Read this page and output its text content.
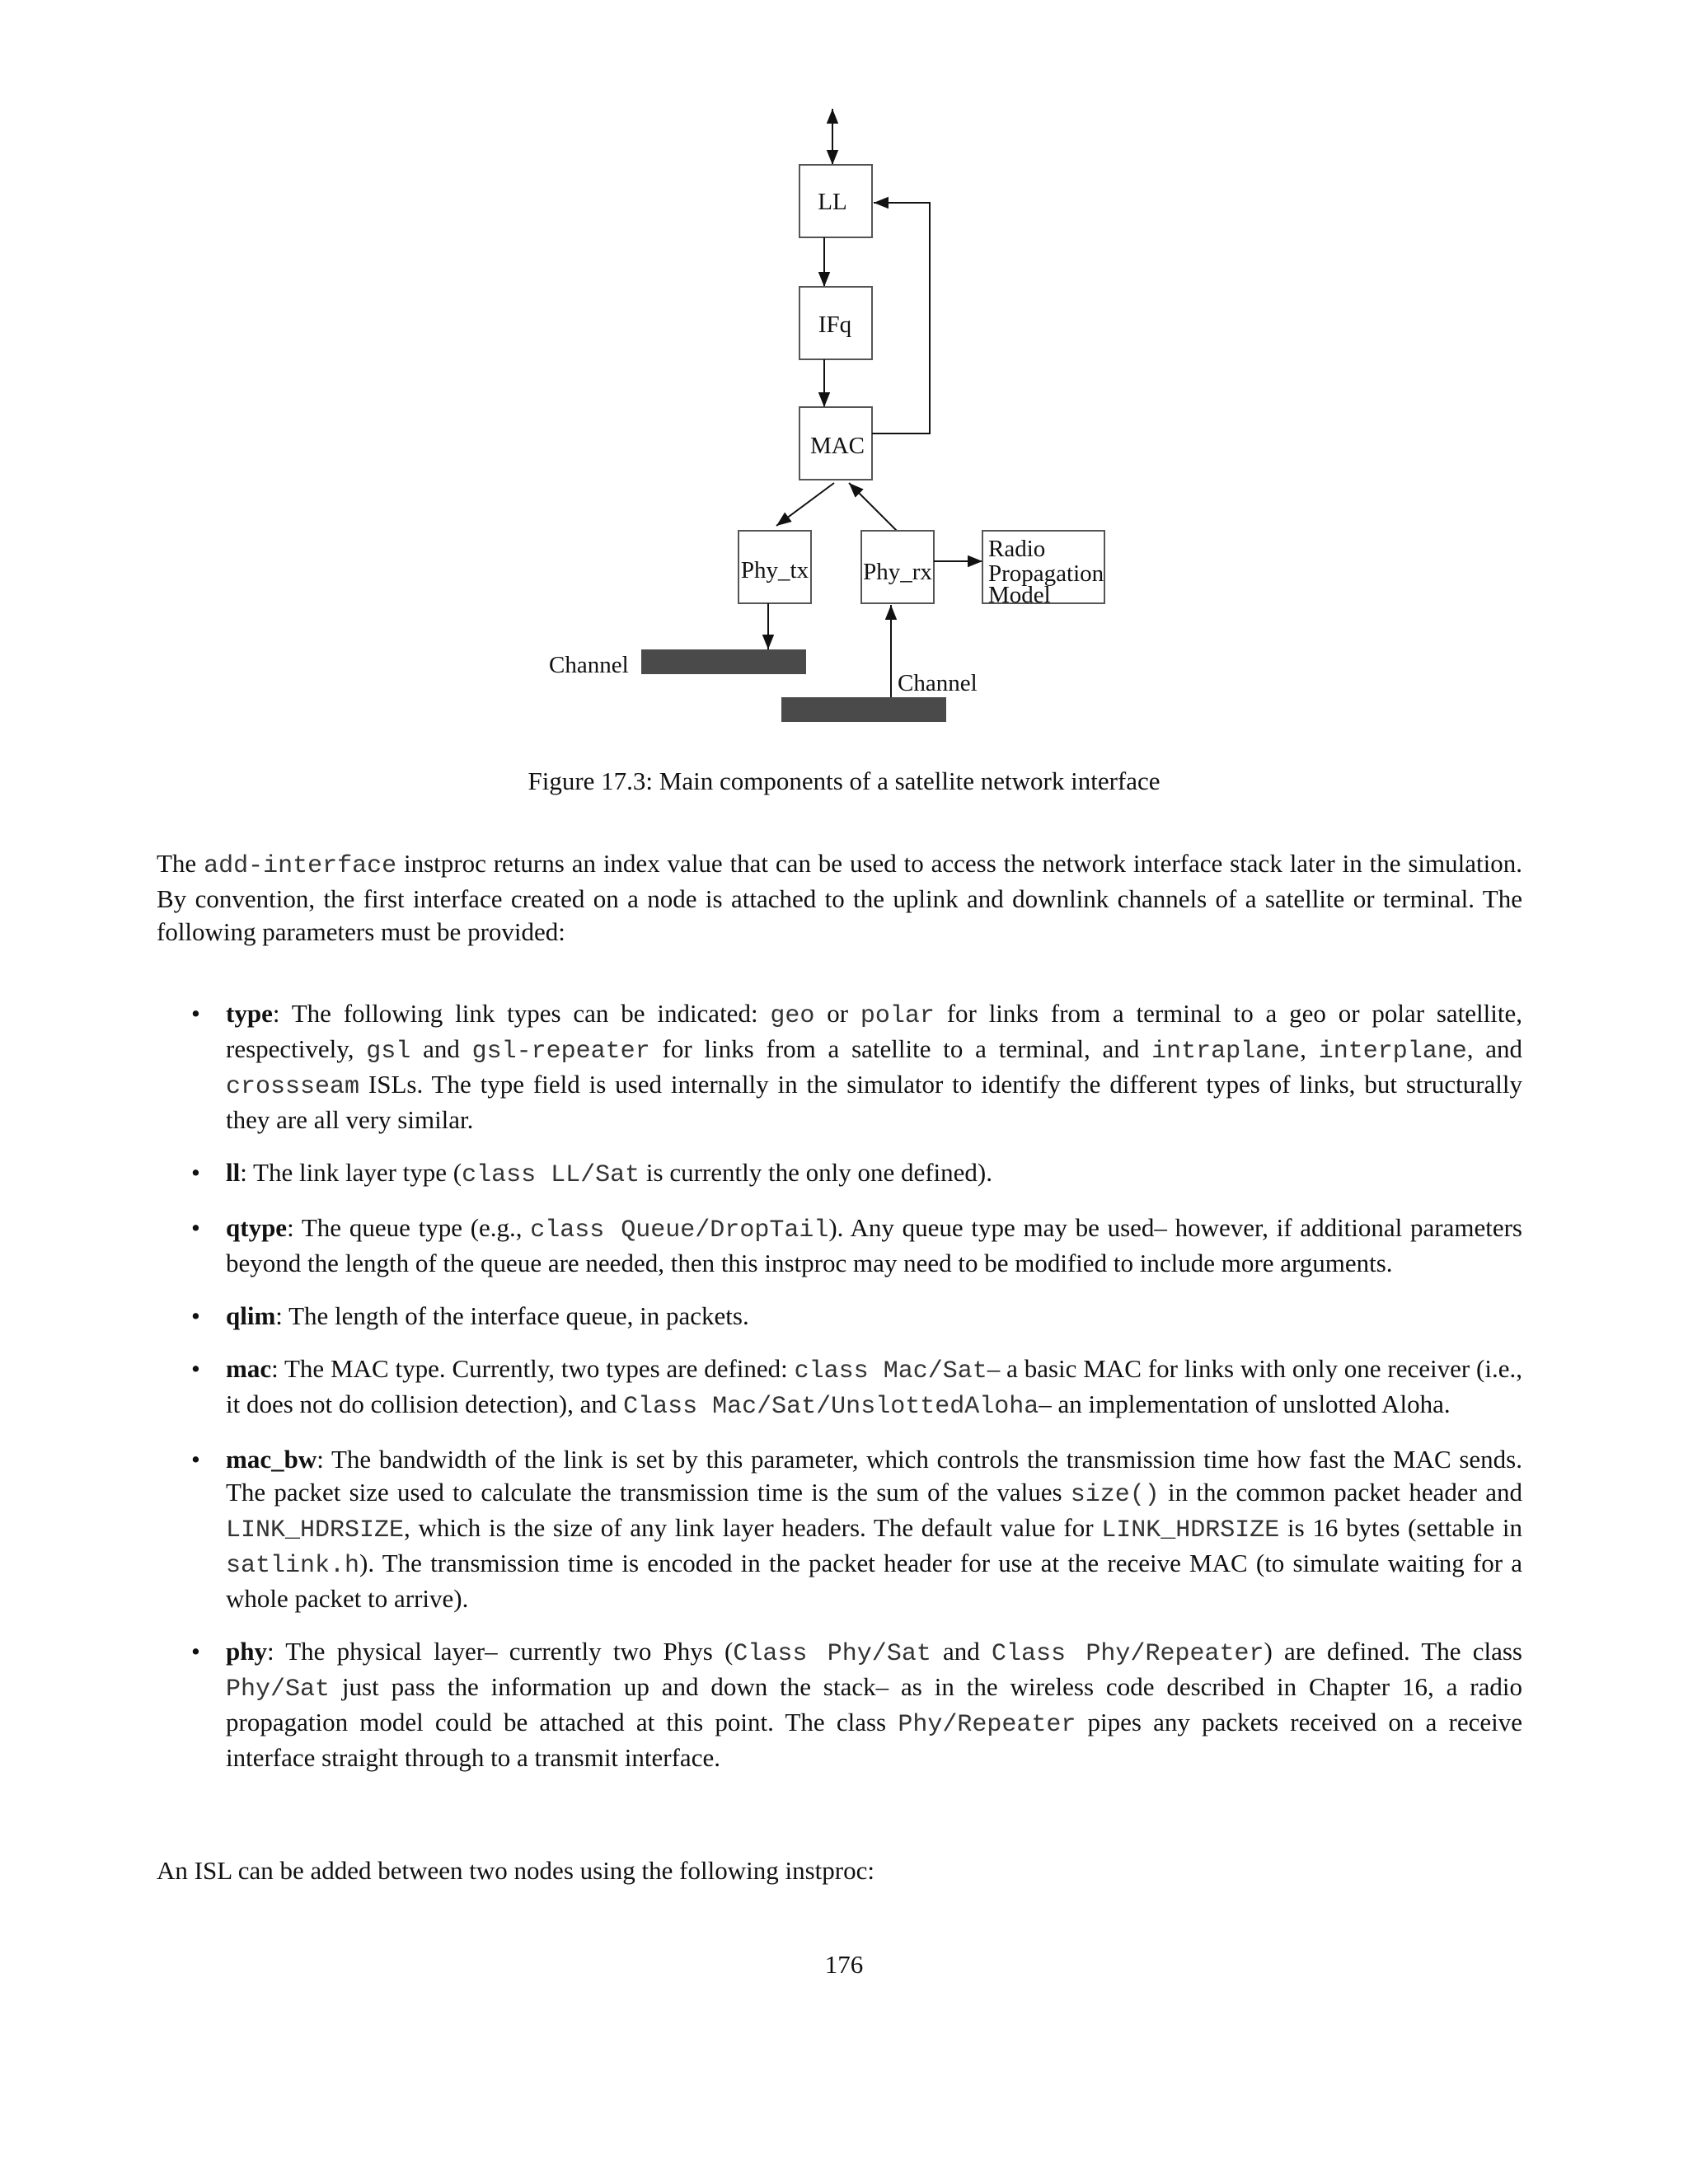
LL
IFq
MAC
Phy_tx Phy_rx
Radio
Propagation
Model
Channel
Channel
Figure 17.3: Main components of a satellite network interface

The add-interface instproc returns an index value that can be used to access the network interface stack later in the simulation. By convention, the first interface created on a node is attached to the uplink and downlink channels of a satellite or terminal. The following parameters must be provided:

• type: The following link types can be indicated: geo or polar for links from a terminal to a geo or polar satellite, respectively, gsl and gsl-repeater for links from a satellite to a terminal, and intraplane, interplane, and crossseam ISLs. The type field is used internally in the simulator to identify the different types of links, but structurally they are all very similar.
• ll: The link layer type (class LL/Sat is currently the only one defined).
• qtype: The queue type (e.g., class Queue/DropTail). Any queue type may be used– however, if additional parameters beyond the length of the queue are needed, then this instproc may need to be modified to include more arguments.
• qlim: The length of the interface queue, in packets.
• mac: The MAC type. Currently, two types are defined: class Mac/Sat– a basic MAC for links with only one receiver (i.e., it does not do collision detection), and Class Mac/Sat/UnslottedAloha– an implementation of unslotted Aloha.
• mac_bw: The bandwidth of the link is set by this parameter, which controls the transmission time how fast the MAC sends. The packet size used to calculate the transmission time is the sum of the values size() in the common packet header and LINK_HDRSIZE, which is the size of any link layer headers. The default value for LINK_HDRSIZE is 16 bytes (settable in satlink.h). The transmission time is encoded in the packet header for use at the receive MAC (to simulate waiting for a whole packet to arrive).
• phy: The physical layer– currently two Phys (Class Phy/Sat and Class Phy/Repeater) are defined. The class Phy/Sat just pass the information up and down the stack– as in the wireless code described in Chapter 16, a radio propagation model could be attached at this point. The class Phy/Repeater pipes any packets received on a receive interface straight through to a transmit interface.

An ISL can be added between two nodes using the following instproc:

176
